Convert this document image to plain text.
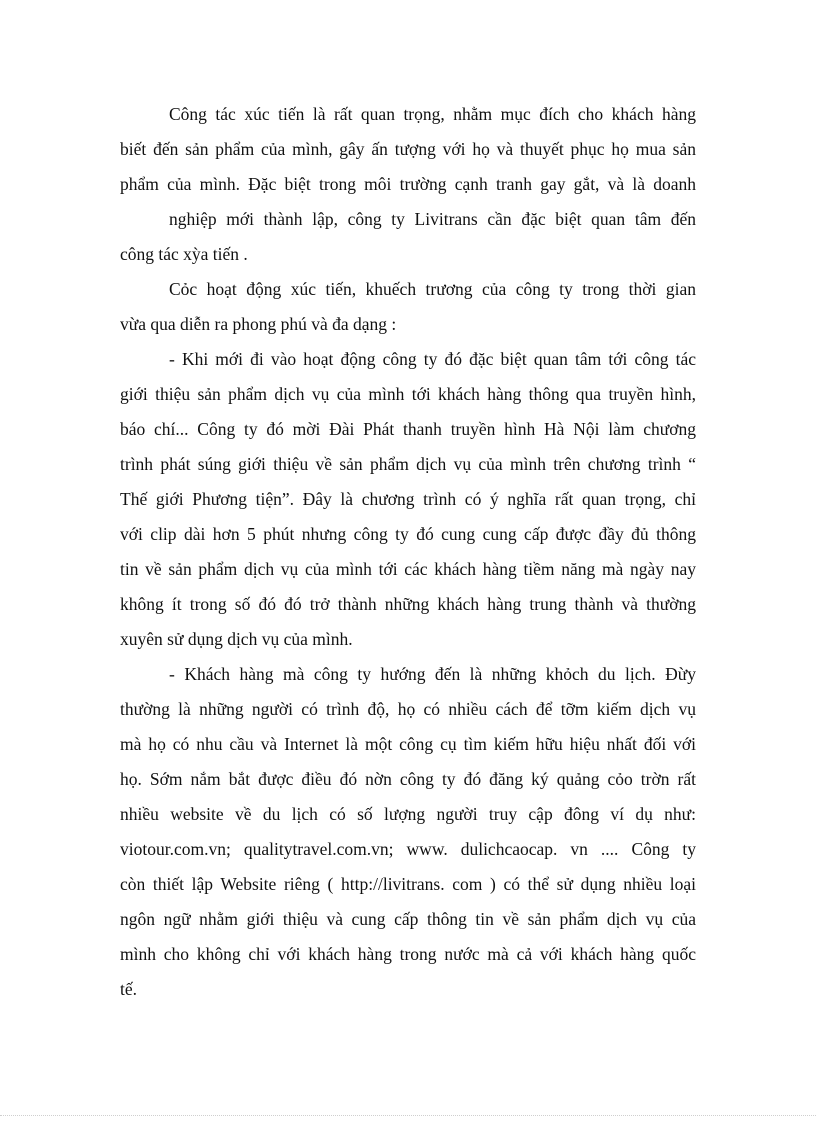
Công tác xúc tiến là rất quan trọng, nhằm mục đích cho khách hàng
biết đến sản phẩm của mình, gây ấn tượng với họ và thuyết phục họ mua sản
phẩm của mình. Đặc biệt trong môi trường cạnh tranh gay gắt, và là doanh
nghiệp mới thành lập, công ty Livitrans cần đặc biệt quan tâm đến
công tác xỳa tiến .
Cỏc hoạt động xúc tiến, khuếch trương của công ty trong thời gian
vừa qua diễn ra phong phú và đa dạng :
- Khi mới đi vào hoạt động công ty đó đặc biệt quan tâm tới công tác
giới thiệu sản phẩm dịch vụ của mình tới khách hàng thông qua truyền hình,
báo chí... Công ty đó mời Đài Phát thanh truyền hình Hà Nội làm chương
trình phát súng giới thiệu về sản phẩm dịch vụ của mình trên chương trình “
Thế giới Phương tiện”. Đây là chương trình có ý nghĩa rất quan trọng, chỉ
với clip dài hơn 5 phút nhưng công ty đó cung cung cấp được đầy đủ thông
tin về sản phẩm dịch vụ của mình tới các khách hàng tiềm năng mà ngày nay
không ít trong số đó đó trở thành những khách hàng trung thành và thường
xuyên sử dụng dịch vụ của mình.
- Khách hàng mà công ty hướng đến là những khỏch du lịch. Đừy
thường là những người có trình độ, họ có nhiều cách để tỡm kiếm dịch vụ
mà họ có nhu cầu và Internet là một công cụ tìm kiếm hữu hiệu nhất đối với
họ. Sớm nắm bắt được điều đó nờn công ty đó đăng ký quảng cỏo trờn rất
nhiều website về du lịch có số lượng người truy cập đông ví dụ như:
viotour.com.vn; qualitytravel.com.vn; www. dulichcaocap. vn .... Công ty
còn thiết lập Website riêng ( http://livitrans. com ) có thể sử dụng nhiều loại
ngôn ngữ nhằm giới thiệu và cung cấp thông tin về sản phẩm dịch vụ của
mình cho không chỉ với khách hàng trong nước mà cả với khách hàng quốc
tế.
